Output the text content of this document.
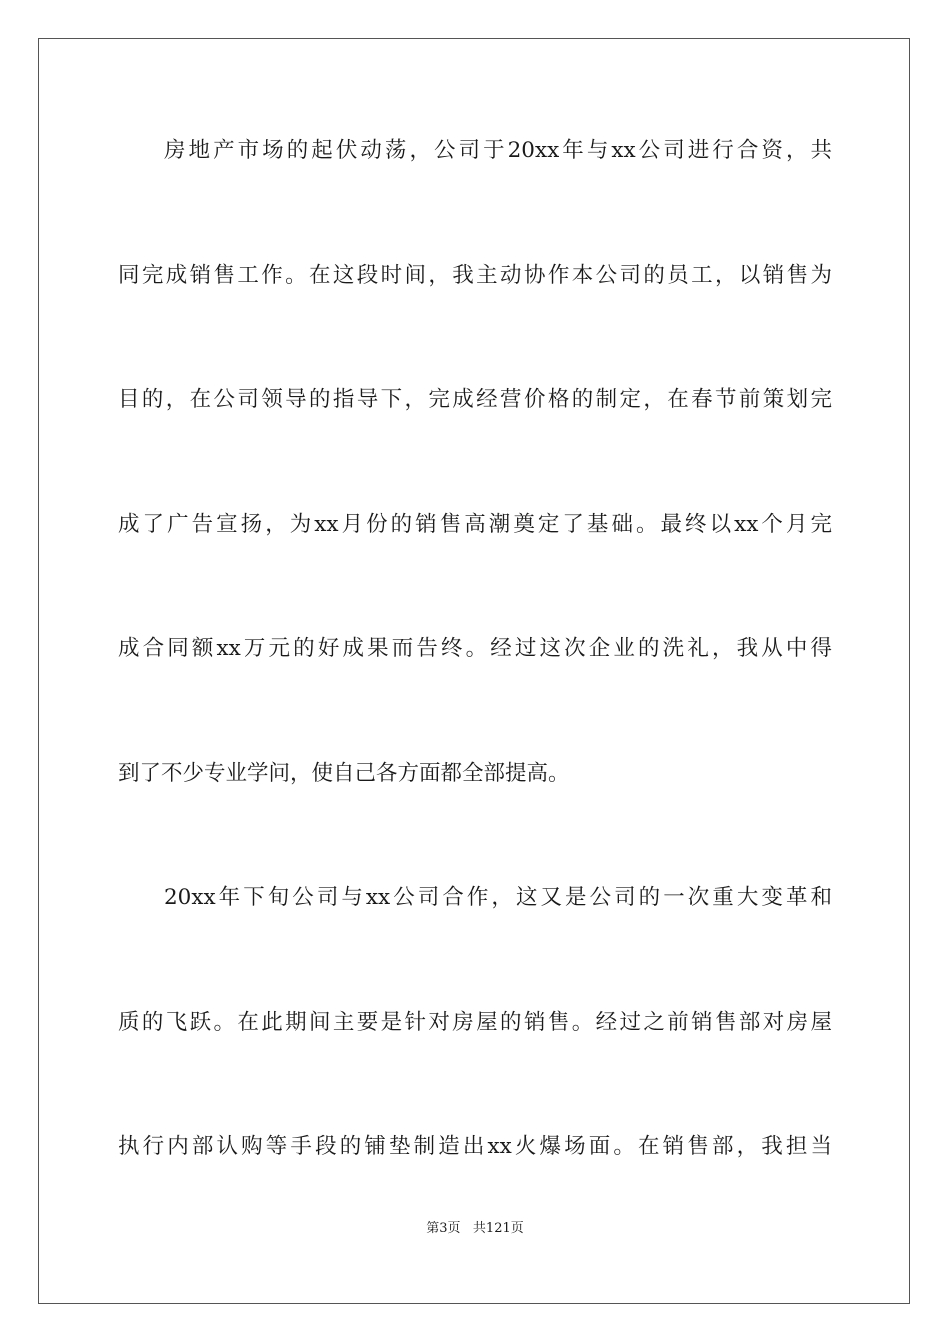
房地产市场的起伏动荡，公司于20xx年与xx公司进行合资，共
同完成销售工作。在这段时间，我主动协作本公司的员工，以销售为
目的，在公司领导的指导下，完成经营价格的制定，在春节前策划完
成了广告宣扬，为xx月份的销售高潮奠定了基础。最终以xx个月完
成合同额xx万元的好成果而告终。经过这次企业的洗礼，我从中得
到了不少专业学问，使自己各方面都全部提高。
20xx年下旬公司与xx公司合作，这又是公司的一次重大变革和
质的飞跃。在此期间主要是针对房屋的销售。经过之前销售部对房屋
执行内部认购等手段的铺垫制造出xx火爆场面。在销售部，我担当
第3页 共121页
